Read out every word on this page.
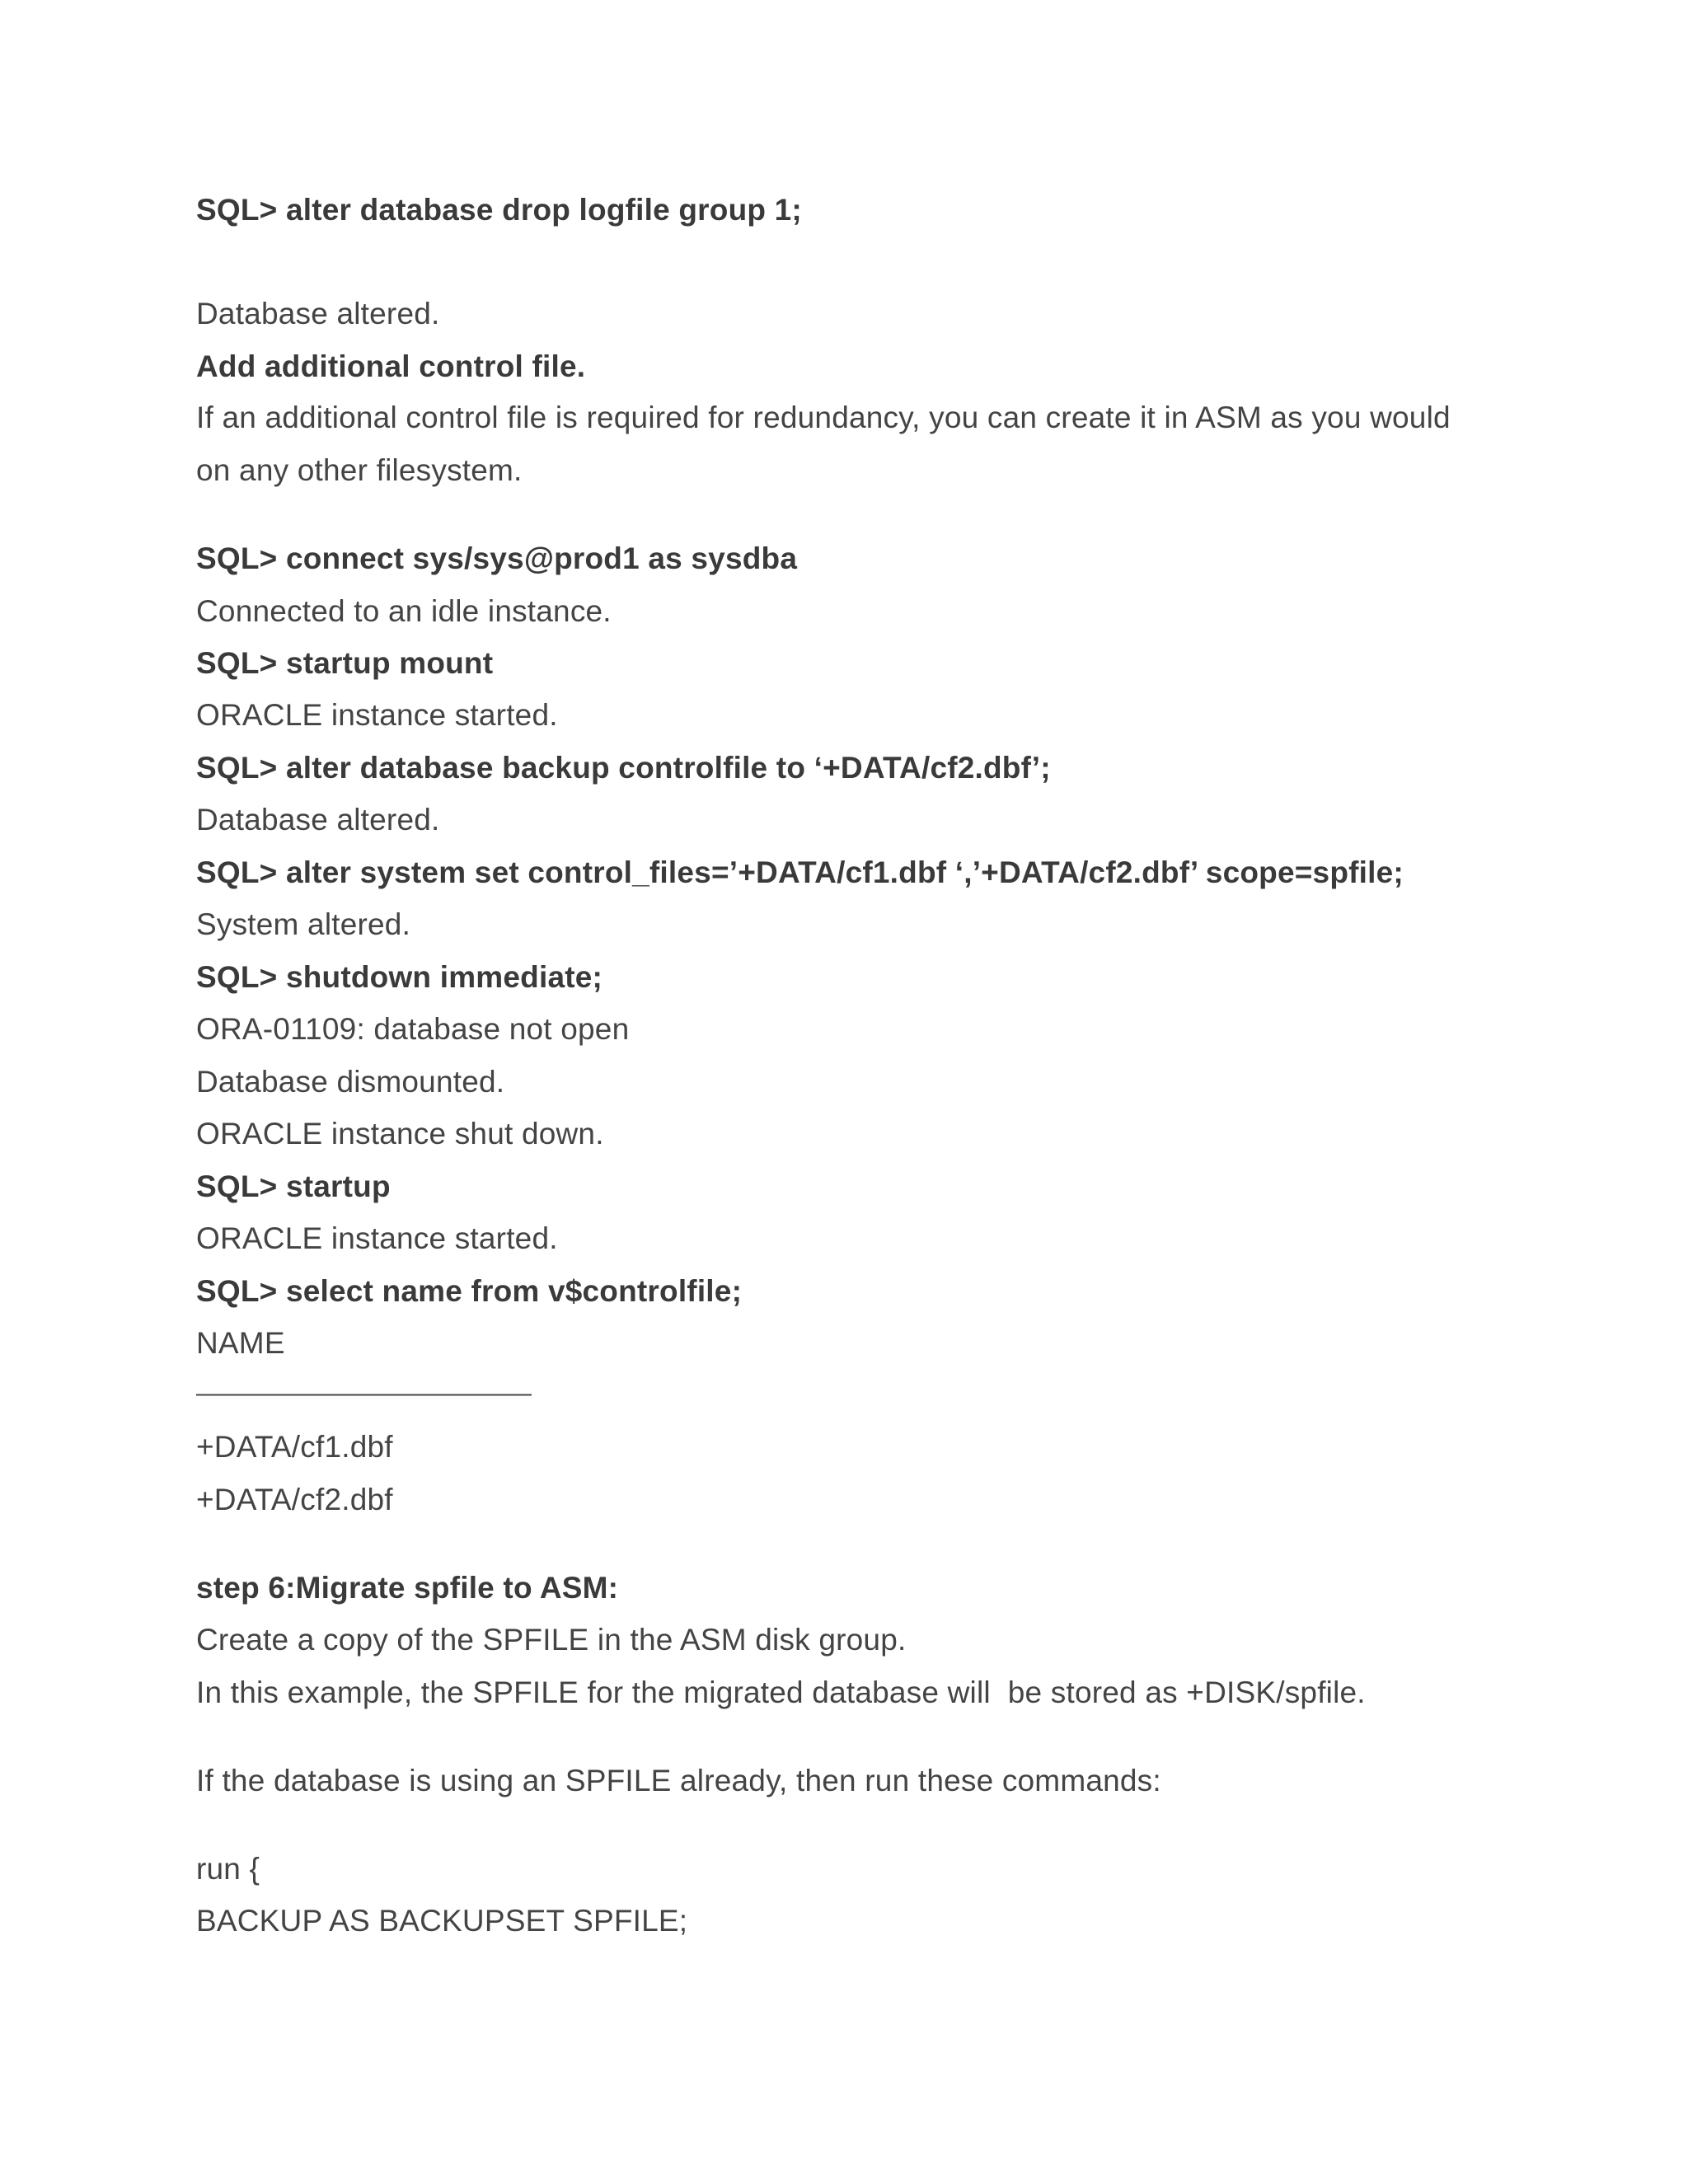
SQL> alter database drop logfile group 1;
Database altered.
Add additional control file.
If an additional control file is required for redundancy, you can create it in ASM as you would
on any other filesystem.
SQL> connect sys/sys@prod1 as sysdba
Connected to an idle instance.
SQL> startup mount
ORACLE instance started.
SQL> alter database backup controlfile to ‘+DATA/cf2.dbf’;
Database altered.
SQL> alter system set control_files=’+DATA/cf1.dbf ‘,’+DATA/cf2.dbf’ scope=spfile;
System altered.
SQL> shutdown immediate;
ORA-01109: database not open
Database dismounted.
ORACLE instance shut down.
SQL> startup
ORACLE instance started.
SQL> select name from v$controlfile;
NAME
——————————————
+DATA/cf1.dbf
+DATA/cf2.dbf
step 6:Migrate spfile to ASM:
Create a copy of the SPFILE in the ASM disk group.
In this example, the SPFILE for the migrated database will  be stored as +DISK/spfile.
If the database is using an SPFILE already, then run these commands:
run {
BACKUP AS BACKUPSET SPFILE;
